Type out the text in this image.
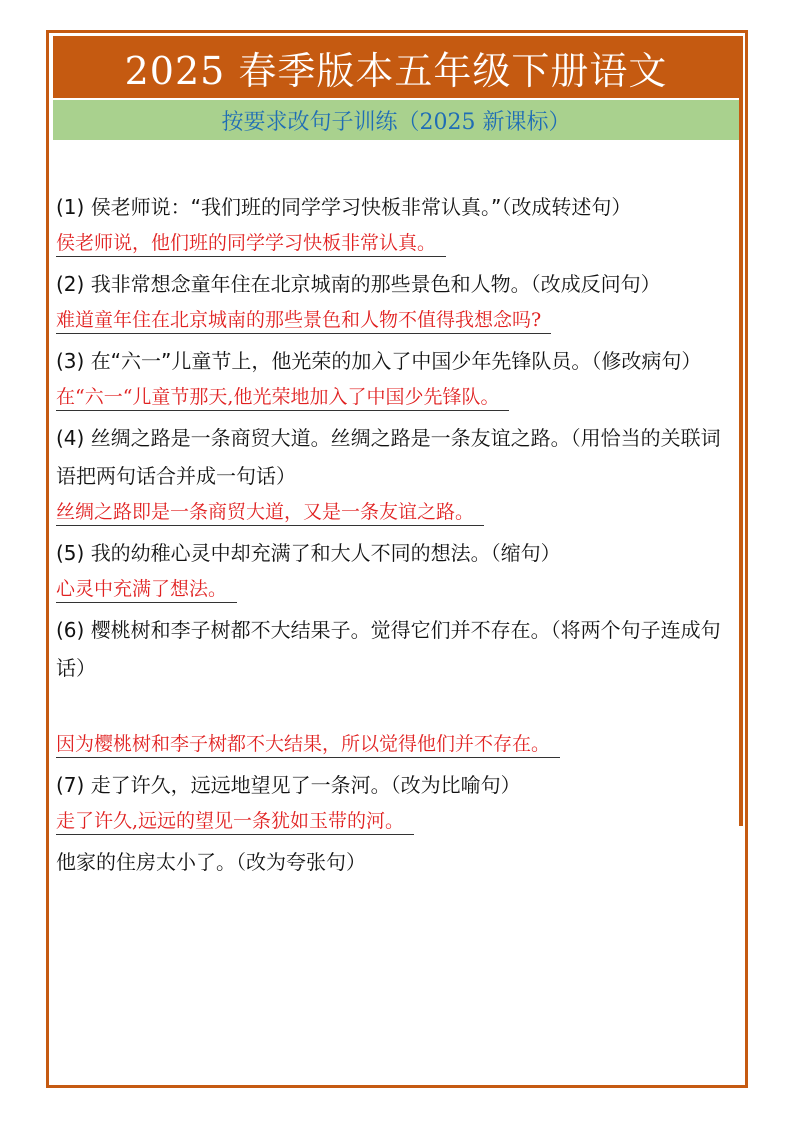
2025 春季版本五年级下册语文
按要求改句子训练（2025 新课标）

(1) 侯老师说：“我们班的同学学习快板非常认真。”（改成转述句）

侯老师说，他们班的同学学习快板非常认真。

(2) 我非常想念童年住在北京城南的那些景色和人物。（改成反问句）

难道童年住在北京城南的那些景色和人物不值得我想念吗?

(3) 在“六一”儿童节上，他光荣的加入了中国少年先锋队员。（修改病句）

在“六一“儿童节那天,他光荣地加入了中国少先锋队。

(4) 丝绸之路是一条商贸大道。丝绸之路是一条友谊之路。（用恰当的关联词语把两句话合并成一句话）

丝绸之路即是一条商贸大道，又是一条友谊之路。

(5) 我的幼稚心灵中却充满了和大人不同的想法。（缩句）

心灵中充满了想法。

(6) 樱桃树和李子树都不大结果子。觉得它们并不存在。（将两个句子连成句话）

因为樱桃树和李子树都不大结果，所以觉得他们并不存在。

(7) 走了许久，远远地望见了一条河。（改为比喻句）

走了许久,远远的望见一条犹如玉带的河。

他家的住房太小了。（改为夸张句）
